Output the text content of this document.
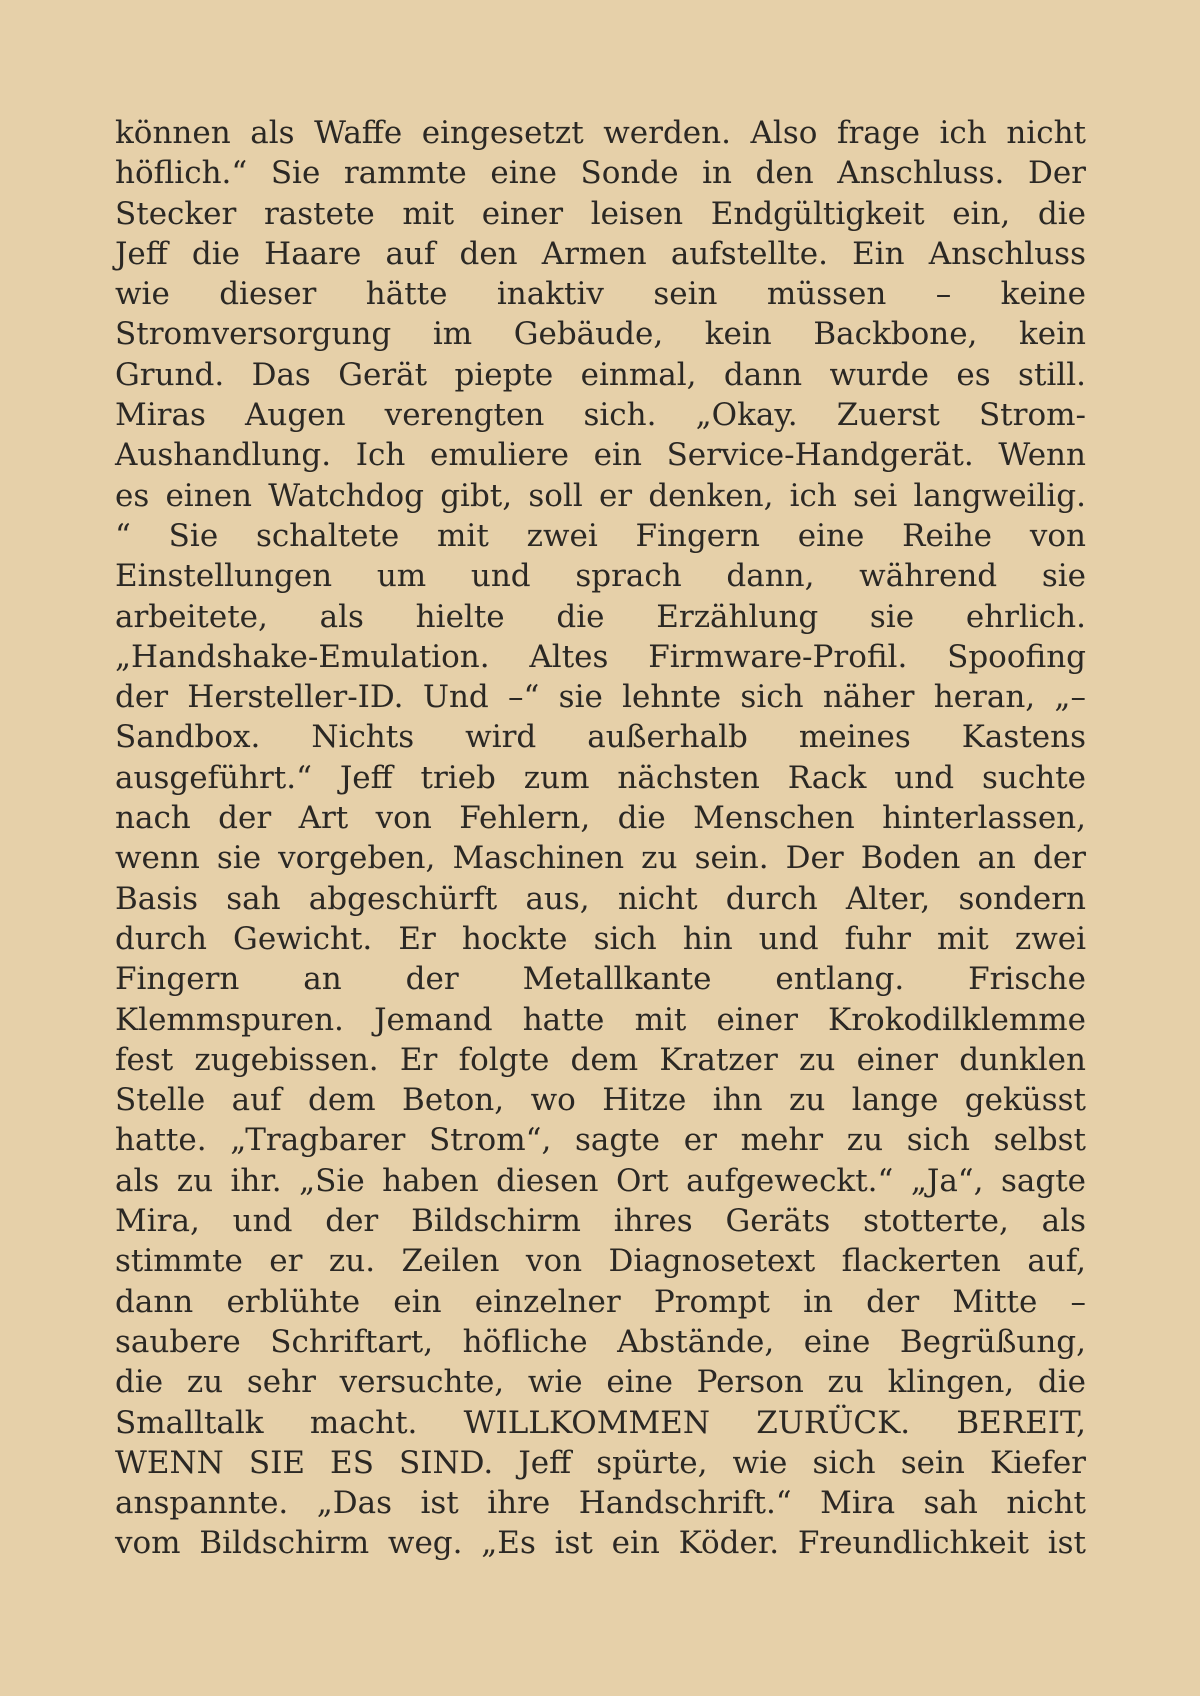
können als Waffe eingesetzt werden. Also frage ich nicht
höflich.“ Sie rammte eine Sonde in den Anschluss. Der
Stecker rastete mit einer leisen Endgültigkeit ein, die
Jeff die Haare auf den Armen aufstellte. Ein Anschluss
wie dieser hätte inaktiv sein müssen – keine
Stromversorgung im Gebäude, kein Backbone, kein
Grund. Das Gerät piepte einmal, dann wurde es still.
Miras Augen verengten sich. „Okay. Zuerst Strom-
Aushandlung. Ich emuliere ein Service-Handgerät. Wenn
es einen Watchdog gibt, soll er denken, ich sei langweilig.
“ Sie schaltete mit zwei Fingern eine Reihe von
Einstellungen um und sprach dann, während sie
arbeitete, als hielte die Erzählung sie ehrlich.
„Handshake-Emulation. Altes Firmware-Profil. Spoofing
der Hersteller-ID. Und –“ sie lehnte sich näher heran, „–
Sandbox. Nichts wird außerhalb meines Kastens
ausgeführt.“ Jeff trieb zum nächsten Rack und suchte
nach der Art von Fehlern, die Menschen hinterlassen,
wenn sie vorgeben, Maschinen zu sein. Der Boden an der
Basis sah abgeschürft aus, nicht durch Alter, sondern
durch Gewicht. Er hockte sich hin und fuhr mit zwei
Fingern an der Metallkante entlang. Frische
Klemmspuren. Jemand hatte mit einer Krokodilklemme
fest zugebissen. Er folgte dem Kratzer zu einer dunklen
Stelle auf dem Beton, wo Hitze ihn zu lange geküsst
hatte. „Tragbarer Strom“, sagte er mehr zu sich selbst
als zu ihr. „Sie haben diesen Ort aufgeweckt.“ „Ja“, sagte
Mira, und der Bildschirm ihres Geräts stotterte, als
stimmte er zu. Zeilen von Diagnosetext flackerten auf,
dann erblühte ein einzelner Prompt in der Mitte –
saubere Schriftart, höfliche Abstände, eine Begrüßung,
die zu sehr versuchte, wie eine Person zu klingen, die
Smalltalk macht. WILLKOMMEN ZURÜCK. BEREIT,
WENN SIE ES SIND. Jeff spürte, wie sich sein Kiefer
anspannte. „Das ist ihre Handschrift.“ Mira sah nicht
vom Bildschirm weg. „Es ist ein Köder. Freundlichkeit ist
